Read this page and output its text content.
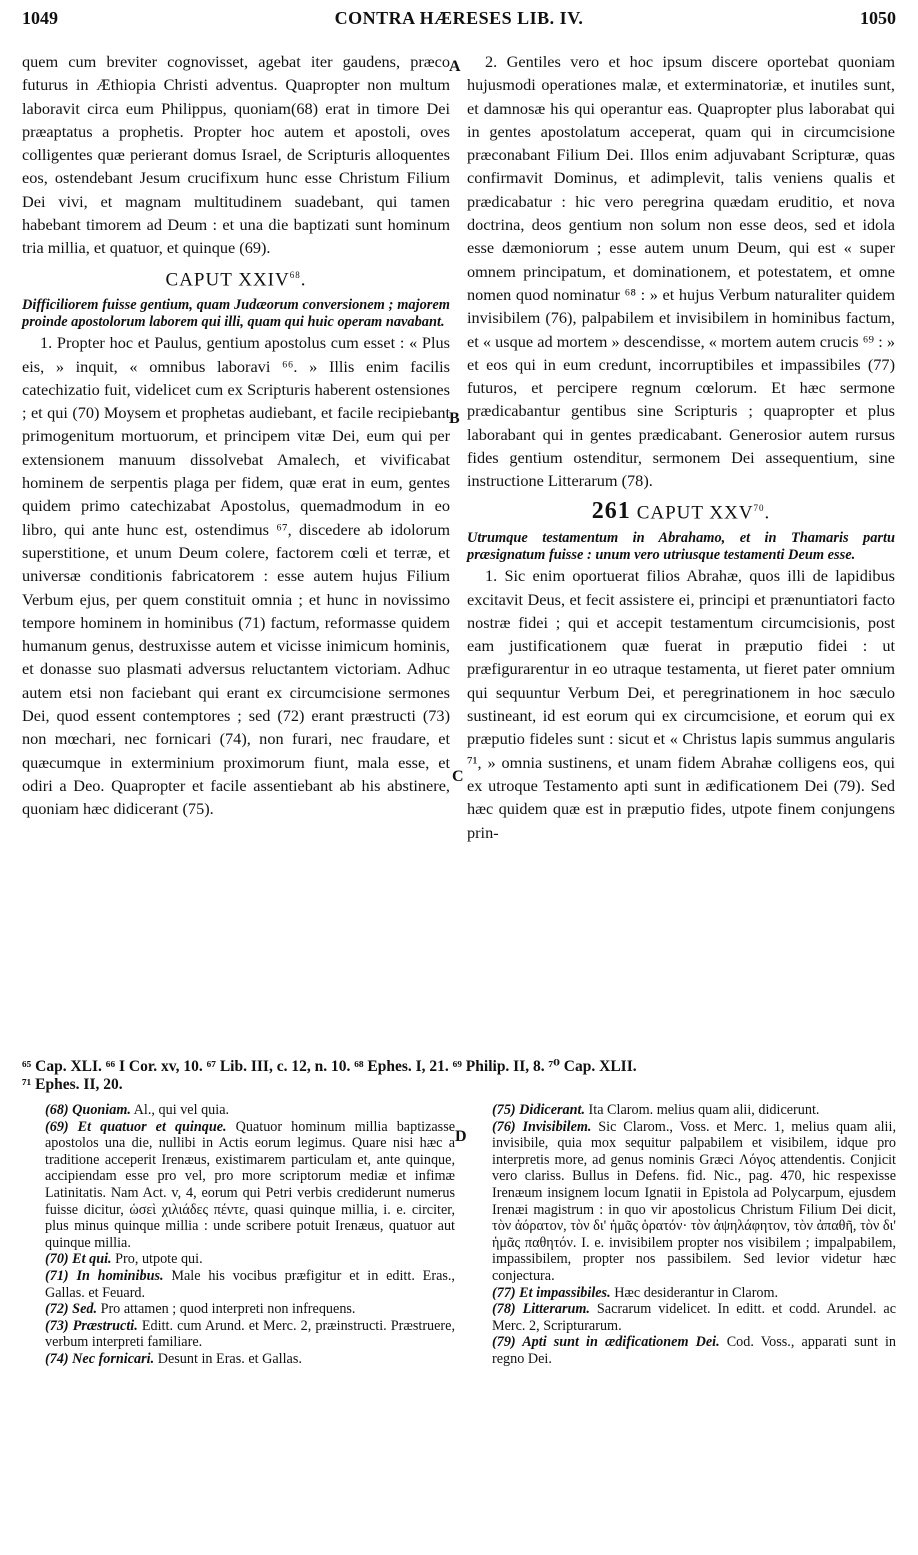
1049	CONTRA HÆRESES LIB. IV.	1050
A
B
C
D

quem cum breviter cognovisset, agebat iter gaudens, præco futurus in Æthiopia Christi adventus. Quapropter non multum laboravit circa eum Philippus, quoniam(68) erat in timore Dei præaptatus a prophetis. Propter hoc autem et apostoli, oves colligentes quæ perierant domus Israel, de Scripturis alloquentes eos, ostendebant Jesum crucifixum hunc esse Christum Filium Dei vivi, et magnam multitudinem suadebant, qui tamen habebant timorem ad Deum : et una die baptizati sunt hominum tria millia, et quatuor, et quinque (69).

CAPUT XXIV$^{68}$.

Difficiliorem fuisse gentium, quam Judæorum conversionem ; majorem proinde apostolorum laborem qui illi, quam qui huic operam navabant.

1. Propter hoc et Paulus, gentium apostolus cum esset : « Plus eis, » inquit, « omnibus laboravi ⁶⁶. » Illis enim facilis catechizatio fuit, videlicet cum ex Scripturis haberent ostensiones ; et qui (70) Moysem et prophetas audiebant, et facile recipiebant primogenitum mortuorum, et principem vitæ Dei, eum qui per extensionem manuum dissolvebat Amalech, et vivificabat hominem de serpentis plaga per fidem, quæ erat in eum, gentes quidem primo catechizabat Apostolus, quemadmodum in eo libro, qui ante hunc est, ostendimus ⁶⁷, discedere ab idolorum superstitione, et unum Deum colere, factorem cœli et terræ, et universæ conditionis fabricatorem : esse autem hujus Filium Verbum ejus, per quem constituit omnia ; et hunc in novissimo tempore hominem in hominibus (71) factum, reformasse quidem humanum genus, destruxisse autem et vicisse inimicum hominis, et donasse suo plasmati adversus reluctantem victoriam. Adhuc autem etsi non faciebant qui erant ex circumcisione sermones Dei, quod essent contemptores ; sed (72) erant præstructi (73) non mœchari, nec fornicari (74), non furari, nec fraudare, et quæcumque in exterminium proximorum fiunt, mala esse, et odiri a Deo. Quapropter et facile assentiebant ab his abstinere, quoniam hæc didicerant (75).

2. Gentiles vero et hoc ipsum discere oportebat quoniam hujusmodi operationes malæ, et exterminatoriæ, et inutiles sunt, et damnosæ his qui operantur eas. Quapropter plus laborabat qui in gentes apostolatum acceperat, quam qui in circumcisione præconabant Filium Dei. Illos enim adjuvabant Scripturæ, quas confirmavit Dominus, et adimplevit, talis veniens qualis et prædicabatur : hic vero peregrina quædam eruditio, et nova doctrina, deos gentium non solum non esse deos, sed et idola esse dæmoniorum ; esse autem unum Deum, qui est « super omnem principatum, et dominationem, et potestatem, et omne nomen quod nominatur ⁶⁸ : » et hujus Verbum naturaliter quidem invisibilem (76), palpabilem et invisibilem in hominibus factum, et « usque ad mortem » descendisse, « mortem autem crucis ⁶⁹ : » et eos qui in eum credunt, incorruptibiles et impassibiles (77) futuros, et percipere regnum cœlorum. Et hæc sermone prædicabantur gentibus sine Scripturis ; quapropter et plus laborabant qui in gentes prædicabant. Generosior autem rursus fides gentium ostenditur, sermonem Dei assequentium, sine instructione Litterarum (78).

261 CAPUT XXV$^{70}$.

Utrumque testamentum in Abrahamo, et in Thamaris partu præsignatum fuisse : unum vero utriusque testamenti Deum esse.

1. Sic enim oportuerat filios Abrahæ, quos illi de lapidibus excitavit Deus, et fecit assistere ei, principi et prænuntiatori facto nostræ fidei ; qui et accepit testamentum circumcisionis, post eam justificationem quæ fuerat in præputio fidei : ut præfigurarentur in eo utraque testamenta, ut fieret pater omnium qui sequuntur Verbum Dei, et peregrinationem in hoc sæculo sustineant, id est eorum qui ex circumcisione, et eorum qui ex præputio fideles sunt : sicut et « Christus lapis summus angularis ⁷¹, » omnia sustinens, et unam fidem Abrahæ colligens eos, qui ex utroque Testamento apti sunt in ædificationem Dei (79). Sed hæc quidem quæ est in præputio fides, utpote finem conjungens prin-

⁶⁵ Cap. XLI. ⁶⁶ I Cor. xv, 10. ⁶⁷ Lib. III, c. 12, n. 10. ⁶⁸ Ephes. I, 21. ⁶⁹ Philip. II, 8. ⁷⁰ Cap. XLII.

⁷¹ Ephes. II, 20.

(68) Quoniam. Al., qui vel quia.

(69) Et quatuor et quinque. Quatuor hominum millia baptizasse apostolos una die, nullibi in Actis eorum legimus. Quare nisi hæc a traditione acceperit Irenæus, existimarem particulam et, ante quinque, accipiendam esse pro vel, pro more scriptorum mediæ et infimæ Latinitatis. Nam Act. v, 4, eorum qui Petri verbis crediderunt numerus fuisse dicitur, ὡσεὶ χιλιάδες πέντε, quasi quinque millia, i. e. circiter, plus minus quinque millia : unde scribere potuit Irenæus, quatuor aut quinque millia.

(70) Et qui. Pro, utpote qui.

(71) In hominibus. Male his vocibus præfigitur et in editt. Eras., Gallas. et Feuard.

(72) Sed. Pro attamen ; quod interpreti non infrequens.

(73) Præstructi. Editt. cum Arund. et Merc. 2, præinstructi. Præstruere, verbum interpreti familiare.

(74) Nec fornicari. Desunt in Eras. et Gallas.

(75) Didicerant. Ita Clarom. melius quam alii, didicerunt.

(76) Invisibilem. Sic Clarom., Voss. et Merc. 1, melius quam alii, invisibile, quia mox sequitur palpabilem et visibilem, idque pro interpretis more, ad genus nominis Græci Λόγος attendentis. Conjicit vero clariss. Bullus in Defens. fid. Nic., pag. 470, hic respexisse Irenæum insignem locum Ignatii in Epistola ad Polycarpum, ejusdem Irenæi magistrum : in quo vir apostolicus Christum Filium Dei dicit, τὸν ἀόρατον, τὸν δι' ἡμᾶς ὁρατόν· τὸν ἀψηλάφητον, τὸν ἀπαθῆ, τὸν δι' ἡμᾶς παθητόν. I. e. invisibilem propter nos visibilem ; impalpabilem, impassibilem, propter nos passibilem. Sed levior videtur hæc conjectura.

(77) Et impassibiles. Hæc desiderantur in Clarom.

(78) Litterarum. Sacrarum videlicet. In editt. et codd. Arundel. ac Merc. 2, Scripturarum.

(79) Apti sunt in ædificationem Dei. Cod. Voss., apparati sunt in regno Dei.
